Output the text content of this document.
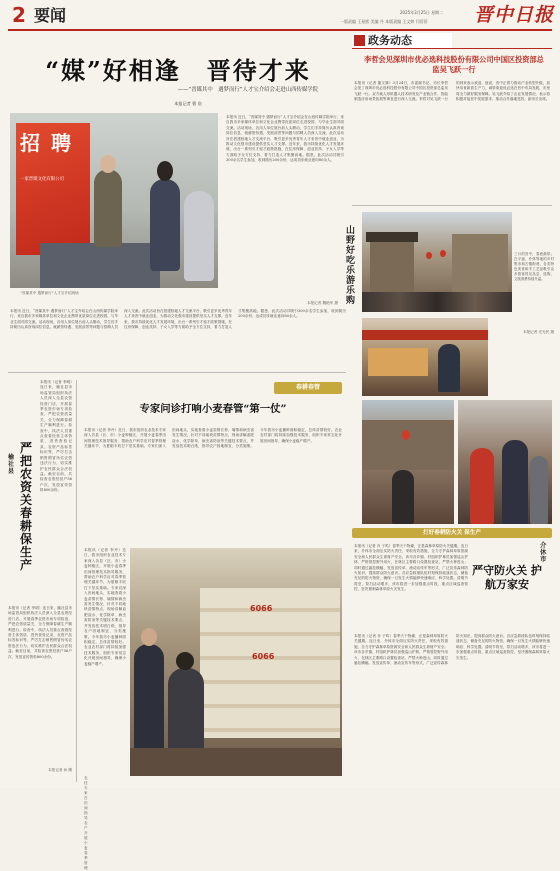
2 要闻	一版责编 王星熙 美编 丹 本版责编 王文婷 闫蓓蓓
2025年3月25日 星期二	晋中日报
“媒”好相逢　晋待才来
——“晋媒其中　遇梦而行”人才宝介绍会走进山西传媒学院
本报记者 曹 宸
招 聘
一家晋媒文化有限公司
“晋媒其中 遇梦而行”人才宝介绍现场
本报讯 近日，“晋媒其中 遇梦而行”人才宝介绍会在山西传媒学院举行，来自我市多家媒体单位和文化企业携带优质岗位走进校园，与毕业生面对面交流。活动现场，各用人单位展台前人头攒动，学生们手持简历认真咨询岗位信息，就薪资待遇、发展前景等问题与招聘人员深入交流。此次活动旨在搭建校地人才交流平台，吸引更多优秀青年人才来晋中就业创业，为推动文化强市建设提供坚实人才支撑。近年来，我市持续优化人才发展环境，出台一系列引才留才政策措施，在住房保障、创业扶持、子女入学等方面给予全方位支持，着力打造人才集聚高地。据悉，此次活动共吸引300余名学生参加，收到简历200余份，达成初步就业意向80余人。
本报记者 魏艳华 摄
本报讯 近日，“晋媒其中 遇梦而行”人才宝介绍会在山西传媒学院举行，来自我市多家媒体单位和文化企业携带优质岗位走进校园，与毕业生面对面交流。活动现场，各用人单位展台前人头攒动，学生们手持简历认真咨询岗位信息，就薪资待遇、发展前景等问题与招聘人员深入交流。此次活动旨在搭建校地人才交流平台，吸引更多优秀青年人才来晋中就业创业，为推动文化强市建设提供坚实人才支撑。近年来，我市持续优化人才发展环境，出台一系列引才留才政策措施，在住房保障、创业扶持、子女入学等方面给予全方位支持，着力打造人才集聚高地。据悉，此次活动共吸引300余名学生参加，收到简历200余份，达成初步就业意向80余人。
政务动态
李哲会见深圳市优必选科技股份有限公司中国区投资部总监吴飞跃一行
本报讯（记者 董文姝）3月24日，市委副书记、市长李哲会见了深圳市优必选科技股份有限公司中国区投资部总监吴飞跃一行。双方就人形机器人技术研发及产业链合作、智能制造应用场景拓展等事宜进行深入交流。李哲对吴飞跃一行的到来表示欢迎，他说，晋中正着力推动产业转型升级，加快培育新质生产力，诚挚欢迎优必选在晋中布局发展，市里将全力做好服务保障。吴飞跃介绍了企业发展情况，表示将积极对接晋中发展需求，推动合作落地见效。副市长出席。
山野好吃 乐游乐购
三月的晋中，春意渐浓。在平遥、介休等地的乡村集市和古镇街巷，各类特色美食和手工艺品吸引众多游客驻足品尝、选购，文旅消费持续升温。
本报记者 史光民 摄
榆社县
严把农资关 春耕保生产
本报讯（记者 李明）连日来，榆社县市场监管局组织执法人员深入全县农资经营门店，开展春季农资市场专项检查，严把农资质量关，全力保障春耕生产顺利进行。检查中，执法人员重点查看经营主体资质、进货查验记录、农资产品标签标识等，严厉打击销售假冒伪劣农资违法行为，切实维护农民群众合法权益。截至目前，共检查农资经营户56户次，发放宣传资料800余份。
本报讯（记者 李明）连日来，榆社县市场监管局组织执法人员深入全县农资经营门店，开展春季农资市场专项检查，严把农资质量关，全力保障春耕生产顺利进行。检查中，执法人员重点查看经营主体资质、进货查验记录、农资产品标签标识等，严厉打击销售假冒伪劣农资违法行为，切实维护农民群众合法权益。截至目前，共检查农资经营户56户次，发放宣传资料800余份。
本报记者 孙 腾
专家问诊打响小麦春管“第一仗”
本报讯（记者 李丹）近日，我市组织农业技术专家深入各县（区、市）小麦种植区，开展小麦春季田间管理技术指导服务，帮助农户科学应对春季管理关键环节，为夏粮丰收打下坚实基础。专家们深入田间地头，实地查看小麦苗情长势、墒情和病虫害发生情况，针对不同地块苗情特点，现场讲解追肥浇水、化学除草、病虫害防治等关键技术要点，并发放技术明白纸，指导农户因地制宜、分类施策。今年我市小麦播种面积稳定，总体苗情较好。农业农村部门将持续加强技术服务，组织专家常态化开展田间指导，确保小麦稳产增产。
春耕春管
6066
6066
农技专家在田间指导农户开展小麦春季管理
本报讯（记者 李丹）近日，我市组织农业技术专家深入各县（区、市）小麦种植区，开展小麦春季田间管理技术指导服务，帮助农户科学应对春季管理关键环节，为夏粮丰收打下坚实基础。专家们深入田间地头，实地查看小麦苗情长势、墒情和病虫害发生情况，针对不同地块苗情特点，现场讲解追肥浇水、化学除草、病虫害防治等关键技术要点，并发放技术明白纸，指导农户因地制宜、分类施策。今年我市小麦播种面积稳定，总体苗情较好。农业农村部门将持续加强技术服务，组织专家常态化开展田间指导，确保小麦稳产增产。
打好春耕防火关 保生产
介休市
严守防火关 护航万家安
本报讯（记者 乔 子鸣）春季天干物燥，正是森林草原防火关键期。连日来，介休市全面压实防火责任，采取有效措施，全力守护森林草原资源安全和人民群众生命财产安全。该市各乡镇、村组织护林员加强巡山护林，严格管控野外用火，在林区主要路口设置检查站，严禁火种进山；同时通过悬挂横幅、发放宣传单、流动宣传车等形式，广泛宣传森林防火知识，提高群众防火意识。各应急救援队伍时刻保持临战状态，储备充足的防火物资，确保一旦发生火情能够快速响应、科学处置。清明节将至，祭扫活动增多，该市将进一步加强重点时段、重点区域巡查管控，坚决遏制森林草原火灾发生。
本报讯（记者 乔 子鸣）春季天干物燥，正是森林草原防火关键期。连日来，介休市全面压实防火责任，采取有效措施，全力守护森林草原资源安全和人民群众生命财产安全。该市各乡镇、村组织护林员加强巡山护林，严格管控野外用火，在林区主要路口设置检查站，严禁火种进山；同时通过悬挂横幅、发放宣传单、流动宣传车等形式，广泛宣传森林防火知识，提高群众防火意识。各应急救援队伍时刻保持临战状态，储备充足的防火物资，确保一旦发生火情能够快速响应、科学处置。清明节将至，祭扫活动增多，该市将进一步加强重点时段、重点区域巡查管控，坚决遏制森林草原火灾发生。
